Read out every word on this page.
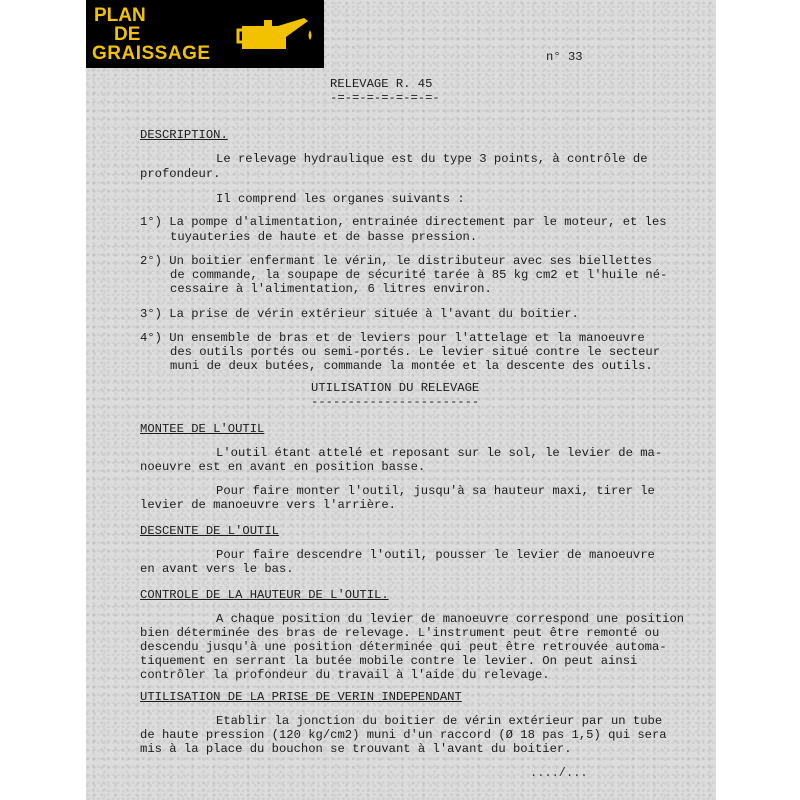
PLAN
DE
GRAISSAGE	n° 33
RELEVAGE R. 45
-=-=-=-=-=-=-=-
DESCRIPTION.
Le relevage hydraulique est du type 3 points, à contrôle de
profondeur.
Il comprend les organes suivants :
1°) La pompe d'alimentation, entrainée directement par le moteur, et les
tuyauteries de haute et de basse pression.
2°) Un boitier enfermant le vérin, le distributeur avec ses biellettes
de commande, la soupape de sécurité tarée à 85 kg cm2 et l'huile né-
cessaire à l'alimentation, 6 litres environ.
3°) La prise de vérin extérieur située à l'avant du boitier.
4°) Un ensemble de bras et de leviers pour l'attelage et la manoeuvre
des outils portés ou semi-portés. Le levier situé contre le secteur
muni de deux butées, commande la montée et la descente des outils.
UTILISATION DU RELEVAGE
-----------------------
MONTEE DE L'OUTIL
L'outil étant attelé et reposant sur le sol, le levier de ma-
noeuvre est en avant en position basse.
Pour faire monter l'outil, jusqu'à sa hauteur maxi, tirer le
levier de manoeuvre vers l'arrière.
DESCENTE DE L'OUTIL
Pour faire descendre l'outil, pousser le levier de manoeuvre
en avant vers le bas.
CONTROLE DE LA HAUTEUR DE L'OUTIL.
A chaque position du levier de manoeuvre correspond une position
bien déterminée des bras de relevage. L'instrument peut être remonté ou
descendu jusqu'à une position déterminée qui peut être retrouvée automa-
tiquement en serrant la butée mobile contre le levier. On peut ainsi
contrôler la profondeur du travail à l'aide du relevage.
UTILISATION DE LA PRISE DE VERIN INDEPENDANT
Etablir la jonction du boitier de vérin extérieur par un tube
de haute pression (120 kg/cm2) muni d'un raccord (Ø 18 pas 1,5) qui sera
mis à la place du bouchon se trouvant à l'avant du boitier.
..../...
